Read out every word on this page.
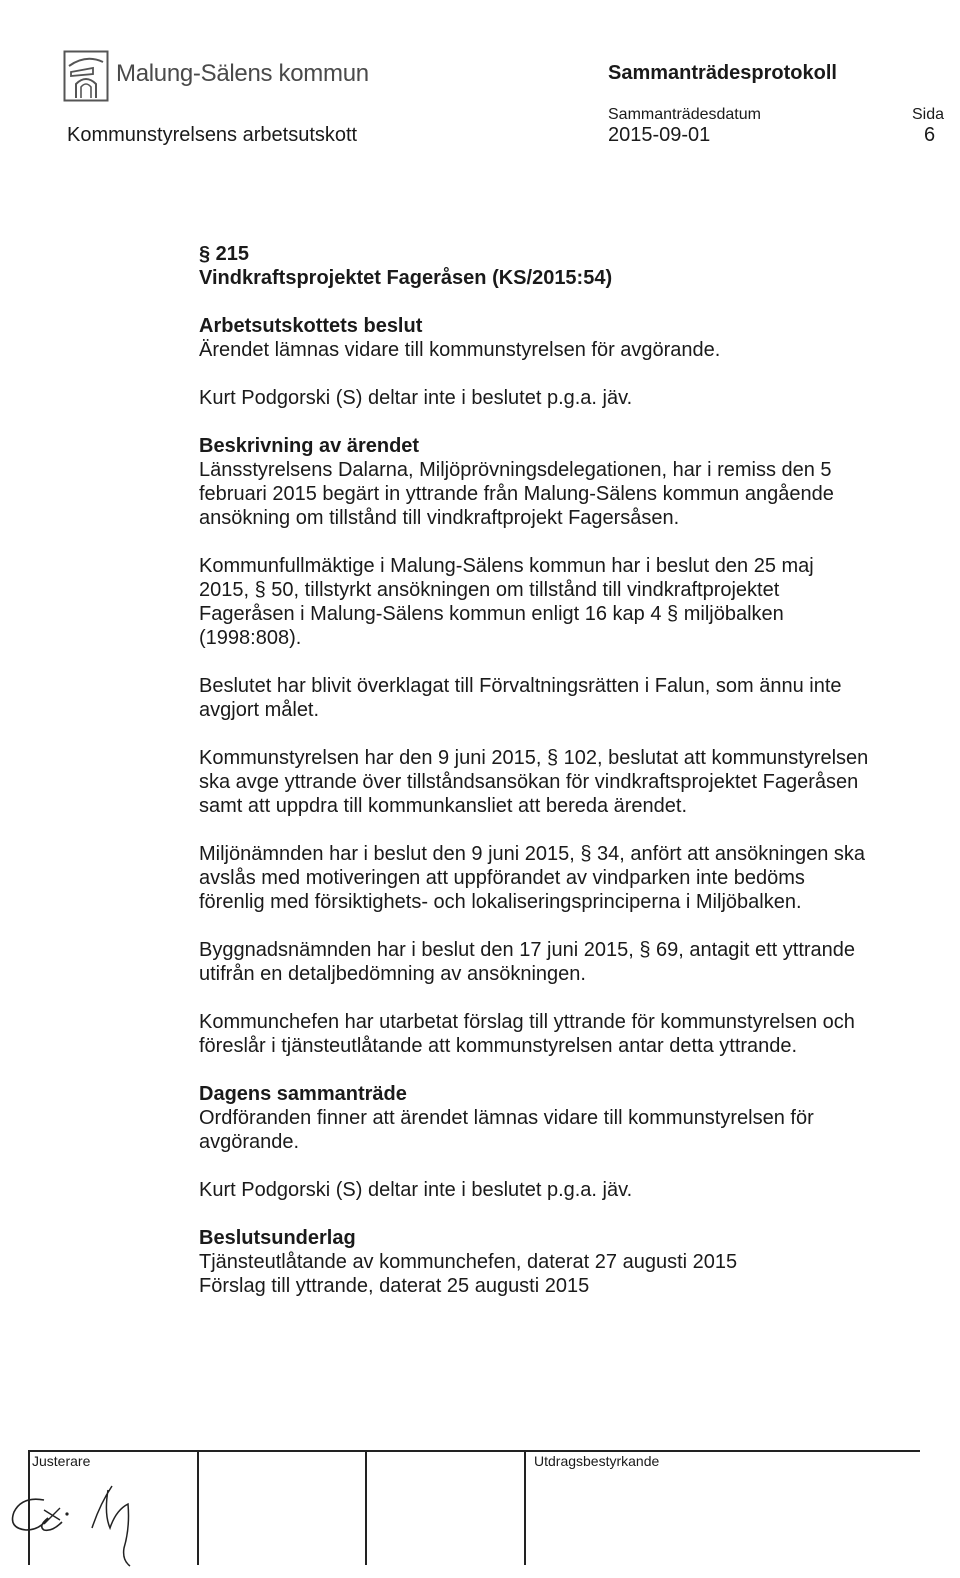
Malung-Sälens kommun	Sammanträdesprotokoll
Kommunstyrelsens arbetsutskott
Sammanträdesdatum
2015-09-01
Sida
6

§ 215

Vindkraftsprojektet Fageråsen (KS/2015:54)

Arbetsutskottets beslut

Ärendet lämnas vidare till kommunstyrelsen för avgörande.

Kurt Podgorski (S) deltar inte i beslutet p.g.a. jäv.

Beskrivning av ärendet

Länsstyrelsens Dalarna, Miljöprövningsdelegationen, har i remiss den 5
februari 2015 begärt in yttrande från Malung-Sälens kommun angående
ansökning om tillstånd till vindkraftprojekt Fagersåsen.

Kommunfullmäktige i Malung-Sälens kommun har i beslut den 25 maj
2015, § 50, tillstyrkt ansökningen om tillstånd till vindkraftprojektet
Fageråsen i Malung-Sälens kommun enligt 16 kap 4 § miljöbalken
(1998:808).

Beslutet har blivit överklagat till Förvaltningsrätten i Falun, som ännu inte
avgjort målet.

Kommunstyrelsen har den 9 juni 2015, § 102, beslutat att kommunstyrelsen
ska avge yttrande över tillståndsansökan för vindkraftsprojektet Fageråsen
samt att uppdra till kommunkansliet att bereda ärendet.

Miljönämnden har i beslut den 9 juni 2015, § 34, anfört att ansökningen ska
avslås med motiveringen att uppförandet av vindparken inte bedöms
förenlig med försiktighets- och lokaliseringsprinciperna i Miljöbalken.

Byggnadsnämnden har i beslut den 17 juni 2015, § 69, antagit ett yttrande
utifrån en detaljbedömning av ansökningen.

Kommunchefen har utarbetat förslag till yttrande för kommunstyrelsen och
föreslår i tjänsteutlåtande att kommunstyrelsen antar detta yttrande.

Dagens sammanträde

Ordföranden finner att ärendet lämnas vidare till kommunstyrelsen för
avgörande.

Kurt Podgorski (S) deltar inte i beslutet p.g.a. jäv.

Beslutsunderlag

Tjänsteutlåtande av kommunchefen, daterat 27 augusti 2015

Förslag till yttrande, daterat 25 augusti 2015

Justerare	Utdragsbestyrkande
